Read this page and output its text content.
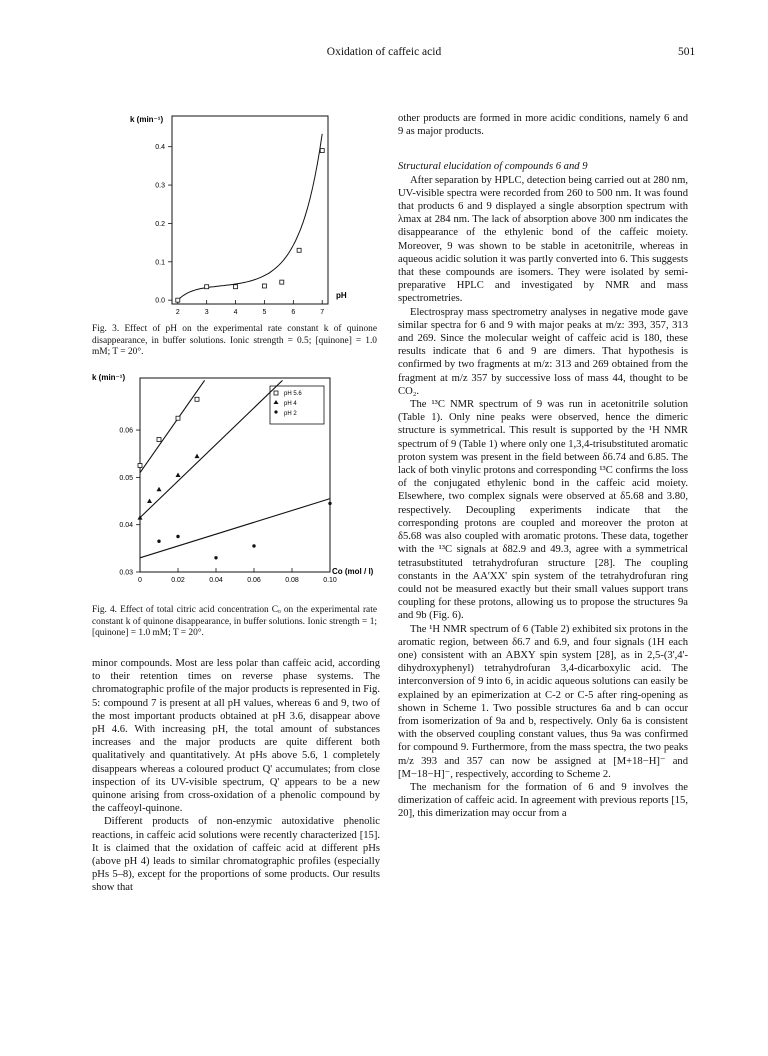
Oxidation of caffeic acid	501
k (min⁻¹)
pH
2	3	4	5	6	7
0.0
0.1
0.2
0.3
0.4
Fig. 3. Effect of pH on the experimental rate constant k of quinone disappearance, in buffer solutions. Ionic strength = 0.5; [quinone] = 1.0 mM; T = 20°.
k (min⁻¹)
Co (mol / l)
pH 5.6
pH 4
pH 2
0	0.02	0.04	0.06	0.08	0.10
0.03
0.04
0.05
0.06
Fig. 4. Effect of total citric acid concentration Cₒ on the experimental rate constant k of quinone disappearance, in buffer solutions. Ionic strength = 1; [quinone] = 1.0 mM; T = 20°.

minor compounds. Most are less polar than caffeic acid, according to their retention times on reverse phase systems. The chromatographic profile of the major products is represented in Fig. 5: compound 7 is present at all pH values, whereas 6 and 9, two of the most important products obtained at pH 3.6, disappear above pH 4.6. With increasing pH, the total amount of substances increases and the major products are quite different both qualitatively and quantitatively. At pHs above 5.6, 1 completely disappears whereas a coloured product Q' accumulates; from close inspection of its UV-visible spectrum, Q' appears to be a new quinone arising from cross-oxidation of a phenolic compound by the caffeoyl-quinone.

Different products of non-enzymic autoxidative phenolic reactions, in caffeic acid solutions were recently characterized [15]. It is claimed that the oxidation of caffeic acid at different pHs (above pH 4) leads to similar chromatographic profiles (especially pHs 5–8), except for the proportions of some products. Our results show that

other products are formed in more acidic conditions, namely 6 and 9 as major products.

Structural elucidation of compounds 6 and 9

After separation by HPLC, detection being carried out at 280 nm, UV-visible spectra were recorded from 260 to 500 nm. It was found that products 6 and 9 displayed a single absorption spectrum with λmax at 284 nm. The lack of absorption above 300 nm indicates the disappearance of the ethylenic bond of the caffeic moiety. Moreover, 9 was shown to be stable in acetonitrile, whereas in aqueous acidic solution it was partly converted into 6. This suggests that these compounds are isomers. They were isolated by semi-preparative HPLC and investigated by NMR and mass spectrometries.

Electrospray mass spectrometry analyses in negative mode gave similar spectra for 6 and 9 with major peaks at m/z: 393, 357, 313 and 269. Since the molecular weight of caffeic acid is 180, these results indicate that 6 and 9 are dimers. That hypothesis is confirmed by two fragments at m/z: 313 and 269 obtained from the fragment at m/z 357 by successive loss of mass 44, thought to be CO₂.

The ¹³C NMR spectrum of 9 was run in acetonitrile solution (Table 1). Only nine peaks were observed, hence the dimeric structure is symmetrical. This result is supported by the ¹H NMR spectrum of 9 (Table 1) where only one 1,3,4-trisubstituted aromatic proton system was present in the field between δ6.74 and 6.85. The lack of both vinylic protons and corresponding ¹³C confirms the loss of the conjugated ethylenic bond in the caffeic acid moiety. Elsewhere, two complex signals were observed at δ5.68 and 3.80, respectively. Decoupling experiments indicate that the corresponding protons are coupled and moreover the proton at δ5.68 was also coupled with aromatic protons. These data, together with the ¹³C signals at δ82.9 and 49.3, agree with a symmetrical tetrasubstituted tetrahydrofuran structure [28]. The coupling constants in the AA'XX' spin system of the tetrahydrofuran ring could not be measured exactly but their small values support trans coupling for these protons, allowing us to propose the structures 9a and 9b (Fig. 6).

The ¹H NMR spectrum of 6 (Table 2) exhibited six protons in the aromatic region, between δ6.7 and 6.9, and four signals (1H each one) consistent with an ABXY spin system [28], as in 2,5-(3',4'-dihydroxyphenyl) tetrahydrofuran 3,4-dicarboxylic acid. The interconversion of 9 into 6, in acidic aqueous solutions can easily be explained by an epimerization at C-2 or C-5 after ring-opening as shown in Scheme 1. Two possible structures 6a and b can occur from isomerization of 9a and b, respectively. Only 6a is consistent with the observed coupling constant values, thus 9a was confirmed for compound 9. Furthermore, from the mass spectra, the two peaks m/z 393 and 357 can now be assigned at [M+18−H]⁻ and [M−18−H]⁻, respectively, according to Scheme 2.

The mechanism for the formation of 6 and 9 involves the dimerization of caffeic acid. In agreement with previous reports [15, 20], this dimerization may occur from a
